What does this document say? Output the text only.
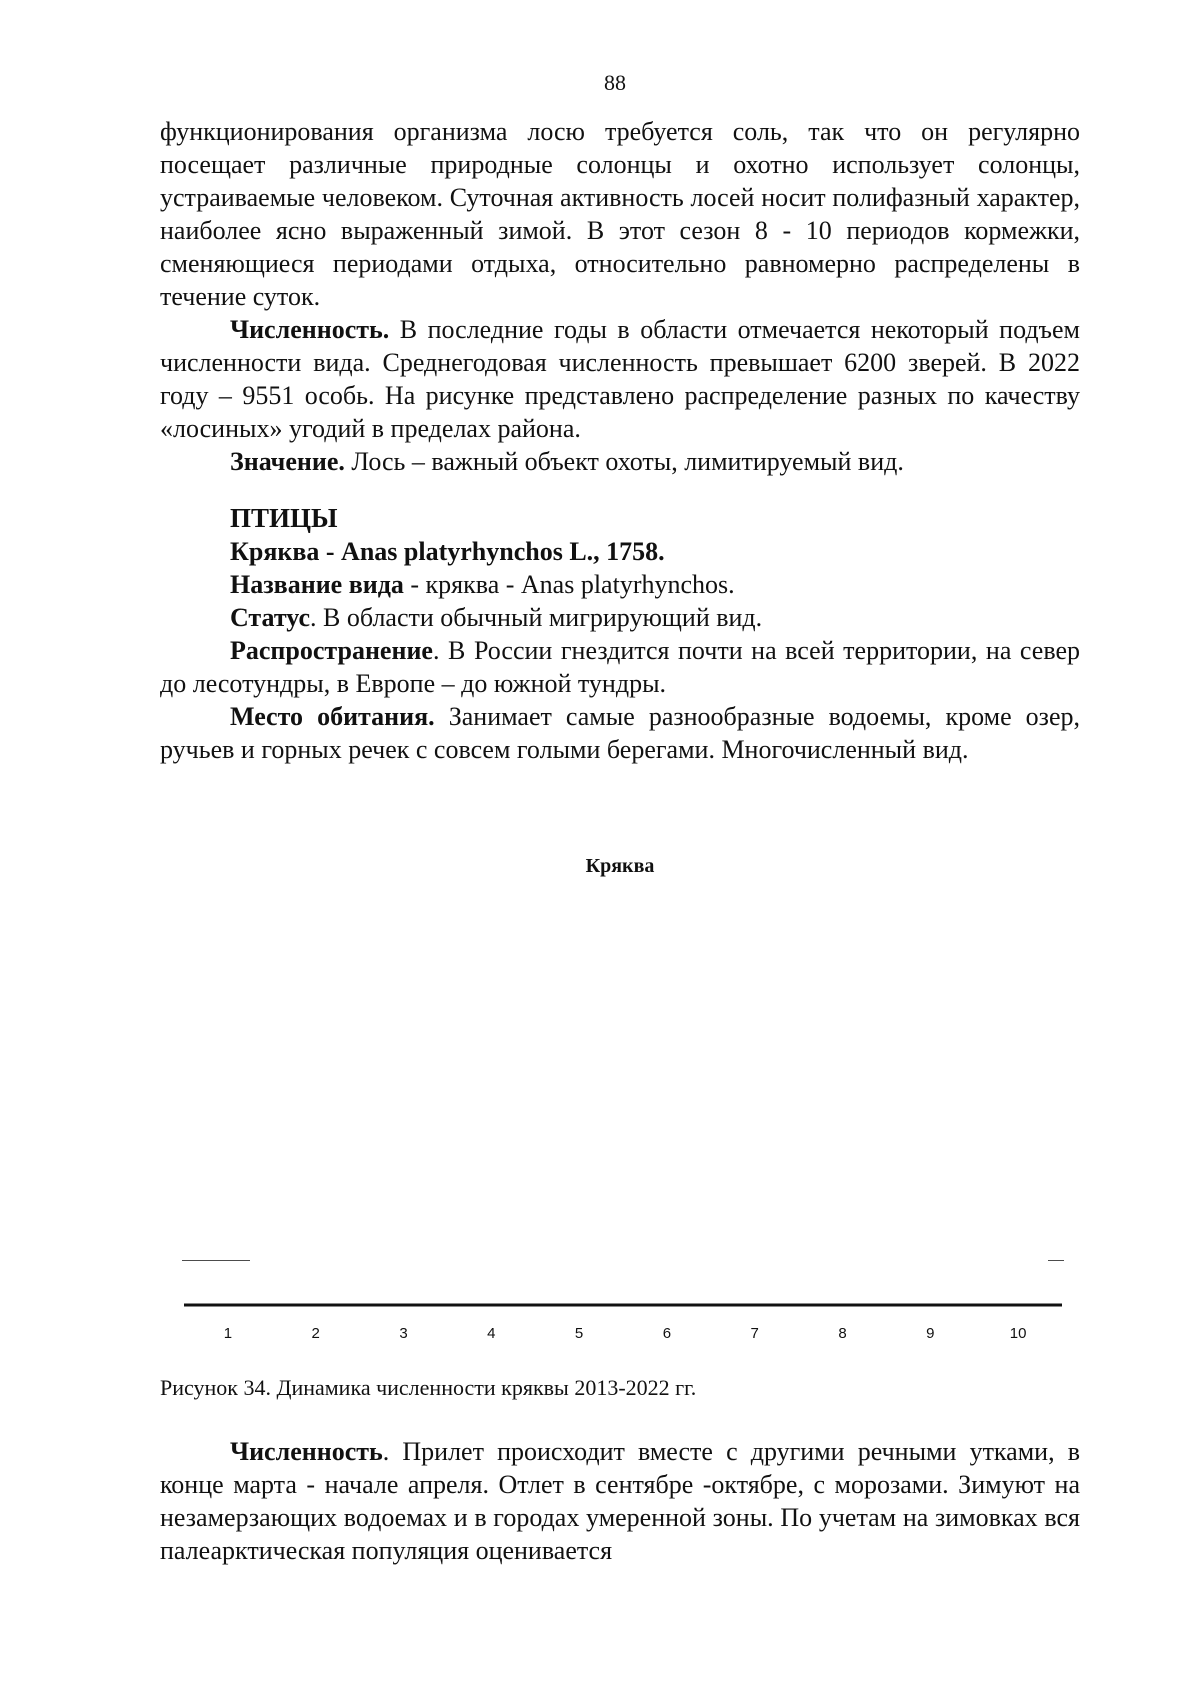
88

функционирования организма лосю требуется соль, так что он регулярно посещает различные природные солонцы и охотно использует солонцы, устраиваемые человеком. Суточная активность лосей носит полифазный характер, наиболее ясно выраженный зимой. В этот сезон 8 - 10 периодов кормежки, сменяющиеся периодами отдыха, относительно равномерно распределены в течение суток.

Численность. В последние годы в области отмечается некоторый подъем численности вида. Среднегодовая численность превышает 6200 зверей. В 2022 году – 9551 особь. На рисунке представлено распределение разных по качеству «лосиных» угодий в пределах района.

Значение. Лось – важный объект охоты, лимитируемый вид.

ПТИЦЫ
Кряква - Anas platyrhynchos L., 1758.
Название вида - кряква - Anas platyrhynchos.
Статус. В области обычный мигрирующий вид.

Распространение. В России гнездится почти на всей территории, на север до лесотундры, в Европе – до южной тундры.

Место обитания. Занимает самые разнообразные водоемы, кроме озер, ручьев и горных речек с совсем голыми берегами. Многочисленный вид.

Кряква
1	2	3	4	5	6	7	8	9	10
Рисунок 34. Динамика численности кряквы 2013-2022 гг.

Численность. Прилет происходит вместе с другими речными утками, в конце марта - начале апреля. Отлет в сентябре -октябре, с морозами. Зимуют на незамерзающих водоемах и в городах умеренной зоны. По учетам на зимовках вся палеарктическая популяция оценивается
